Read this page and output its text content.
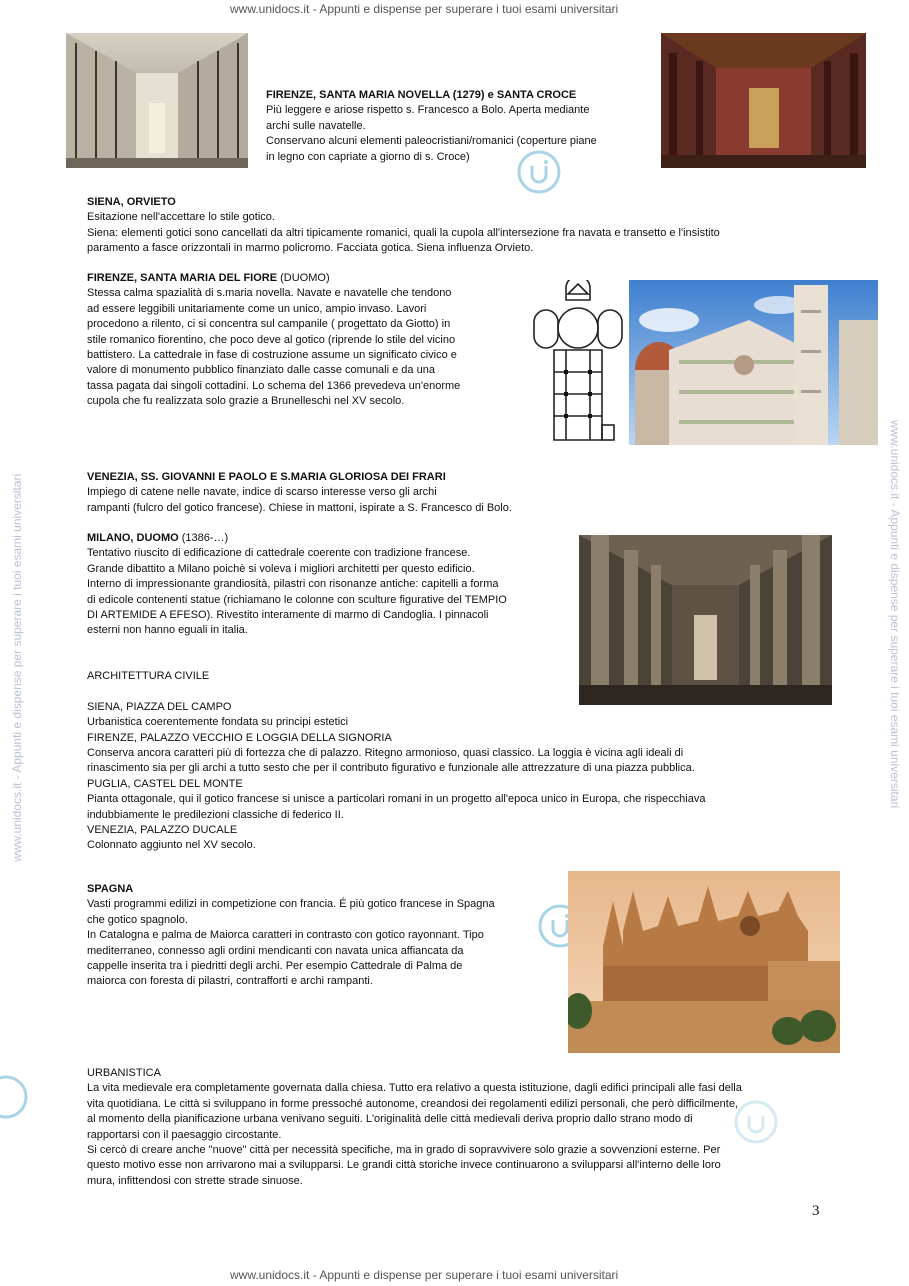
www.unidocs.it - Appunti e dispense per superare i tuoi esami universitari
www.unidocs.it - Appunti e dispense per superare i tuoi esami universitari
www.unidocs.it - Appunti e dispense per superare i tuoi esami universitari	www.unidocs.it - Appunti e dispense per superare i tuoi esami universitari

FIRENZE, SANTA MARIA NOVELLA (1279) e SANTA CROCE

Più leggere e ariose rispetto s. Francesco a Bolo. Aperta mediante

archi sulle navatelle.

Conservano alcuni elementi paleocristiani/romanici (coperture piane

in legno con capriate a giorno di s. Croce)

SIENA, ORVIETO

Esitazione nell'accettare lo stile gotico.

Siena: elementi gotici sono cancellati da altri tipicamente romanici, quali la cupola all'intersezione fra navata e transetto e l'insistito

paramento a fasce orizzontali in marmo policromo. Facciata gotica. Siena influenza Orvieto.

FIRENZE, SANTA MARIA DEL FIORE (DUOMO)

Stessa calma spazialità di s.maria novella. Navate e navatelle che tendono

ad essere leggibili unitariamente come un unico, ampio invaso. Lavori

procedono a rilento, ci si concentra sul campanile ( progettato da Giotto) in

stile romanico fiorentino, che poco deve al gotico (riprende lo stile del vicino

battistero. La cattedrale in fase di costruzione assume un significato civico e

valore di monumento pubblico finanziato dalle casse comunali e da una

tassa pagata dai singoli cottadini. Lo schema del 1366 prevedeva un'enorme

cupola che fu realizzata solo grazie a Brunelleschi nel XV secolo.

VENEZIA, SS. GIOVANNI E PAOLO E S.MARIA GLORIOSA DEI FRARI

Impiego di catene nelle navate, indice di scarso interesse verso gli archi

rampanti (fulcro del gotico francese). Chiese in mattoni, ispirate a S. Francesco di Bolo.

MILANO, DUOMO (1386-…)

Tentativo riuscito di edificazione di cattedrale coerente con tradizione francese.

Grande dibattito a Milano poichè si voleva i migliori architetti per questo edificio.

Interno di impressionante grandiosità, pilastri con risonanze antiche: capitelli a forma

di edicole contenenti statue (richiamano le colonne con sculture figurative del TEMPIO

DI ARTEMIDE A EFESO). Rivestito interamente di marmo di Candoglia. I pinnacoli

esterni non hanno eguali in italia.

ARCHITETTURA CIVILE

SIENA, PIAZZA DEL CAMPO

Urbanistica coerentemente fondata su principi estetici

FIRENZE, PALAZZO VECCHIO E LOGGIA DELLA SIGNORIA

Conserva ancora caratteri più di fortezza che di palazzo. Ritegno armonioso, quasi classico. La loggia è vicina agli ideali di

rinascimento sia per gli archi a tutto sesto che per il contributo figurativo e funzionale alle attrezzature di una piazza pubblica.

PUGLIA, CASTEL DEL MONTE

Pianta ottagonale, qui il gotico francese si unisce a particolari romani in un progetto all'epoca unico in Europa, che rispecchiava

indubbiamente le predilezioni classiche di federico II.

VENEZIA, PALAZZO DUCALE

Colonnato aggiunto nel XV secolo.

SPAGNA

Vasti programmi edilizi in competizione con francia. É più gotico francese in Spagna

che gotico spagnolo.

In Catalogna e palma de Maiorca caratteri in contrasto con gotico rayonnant. Tipo

mediterraneo, connesso agli ordini mendicanti con navata unica affiancata da

cappelle inserita tra i piedritti degli archi. Per esempio Cattedrale di Palma de

maiorca con foresta di pilastri, contrafforti e archi rampanti.

URBANISTICA

La vita medievale era completamente governata dalla chiesa. Tutto era relativo a questa istituzione, dagli edifici principali alle fasi della

vita quotidiana. Le città si sviluppano in forme pressoché autonome, creandosi dei regolamenti edilizi personali, che però difficilmente,

al momento della pianificazione urbana venivano seguiti. L'originalità delle città medievali deriva proprio dallo strano modo di

rapportarsi con il paesaggio circostante.

Si cercò di creare anche "nuove" città per necessità specifiche, ma in grado di sopravvivere solo grazie a sovvenzioni esterne. Per

questo motivo esse non arrivarono mai a svilupparsi. Le grandi città storiche invece continuarono a svilupparsi all'interno delle loro

mura, infittendosi con strette strade sinuose.

3
